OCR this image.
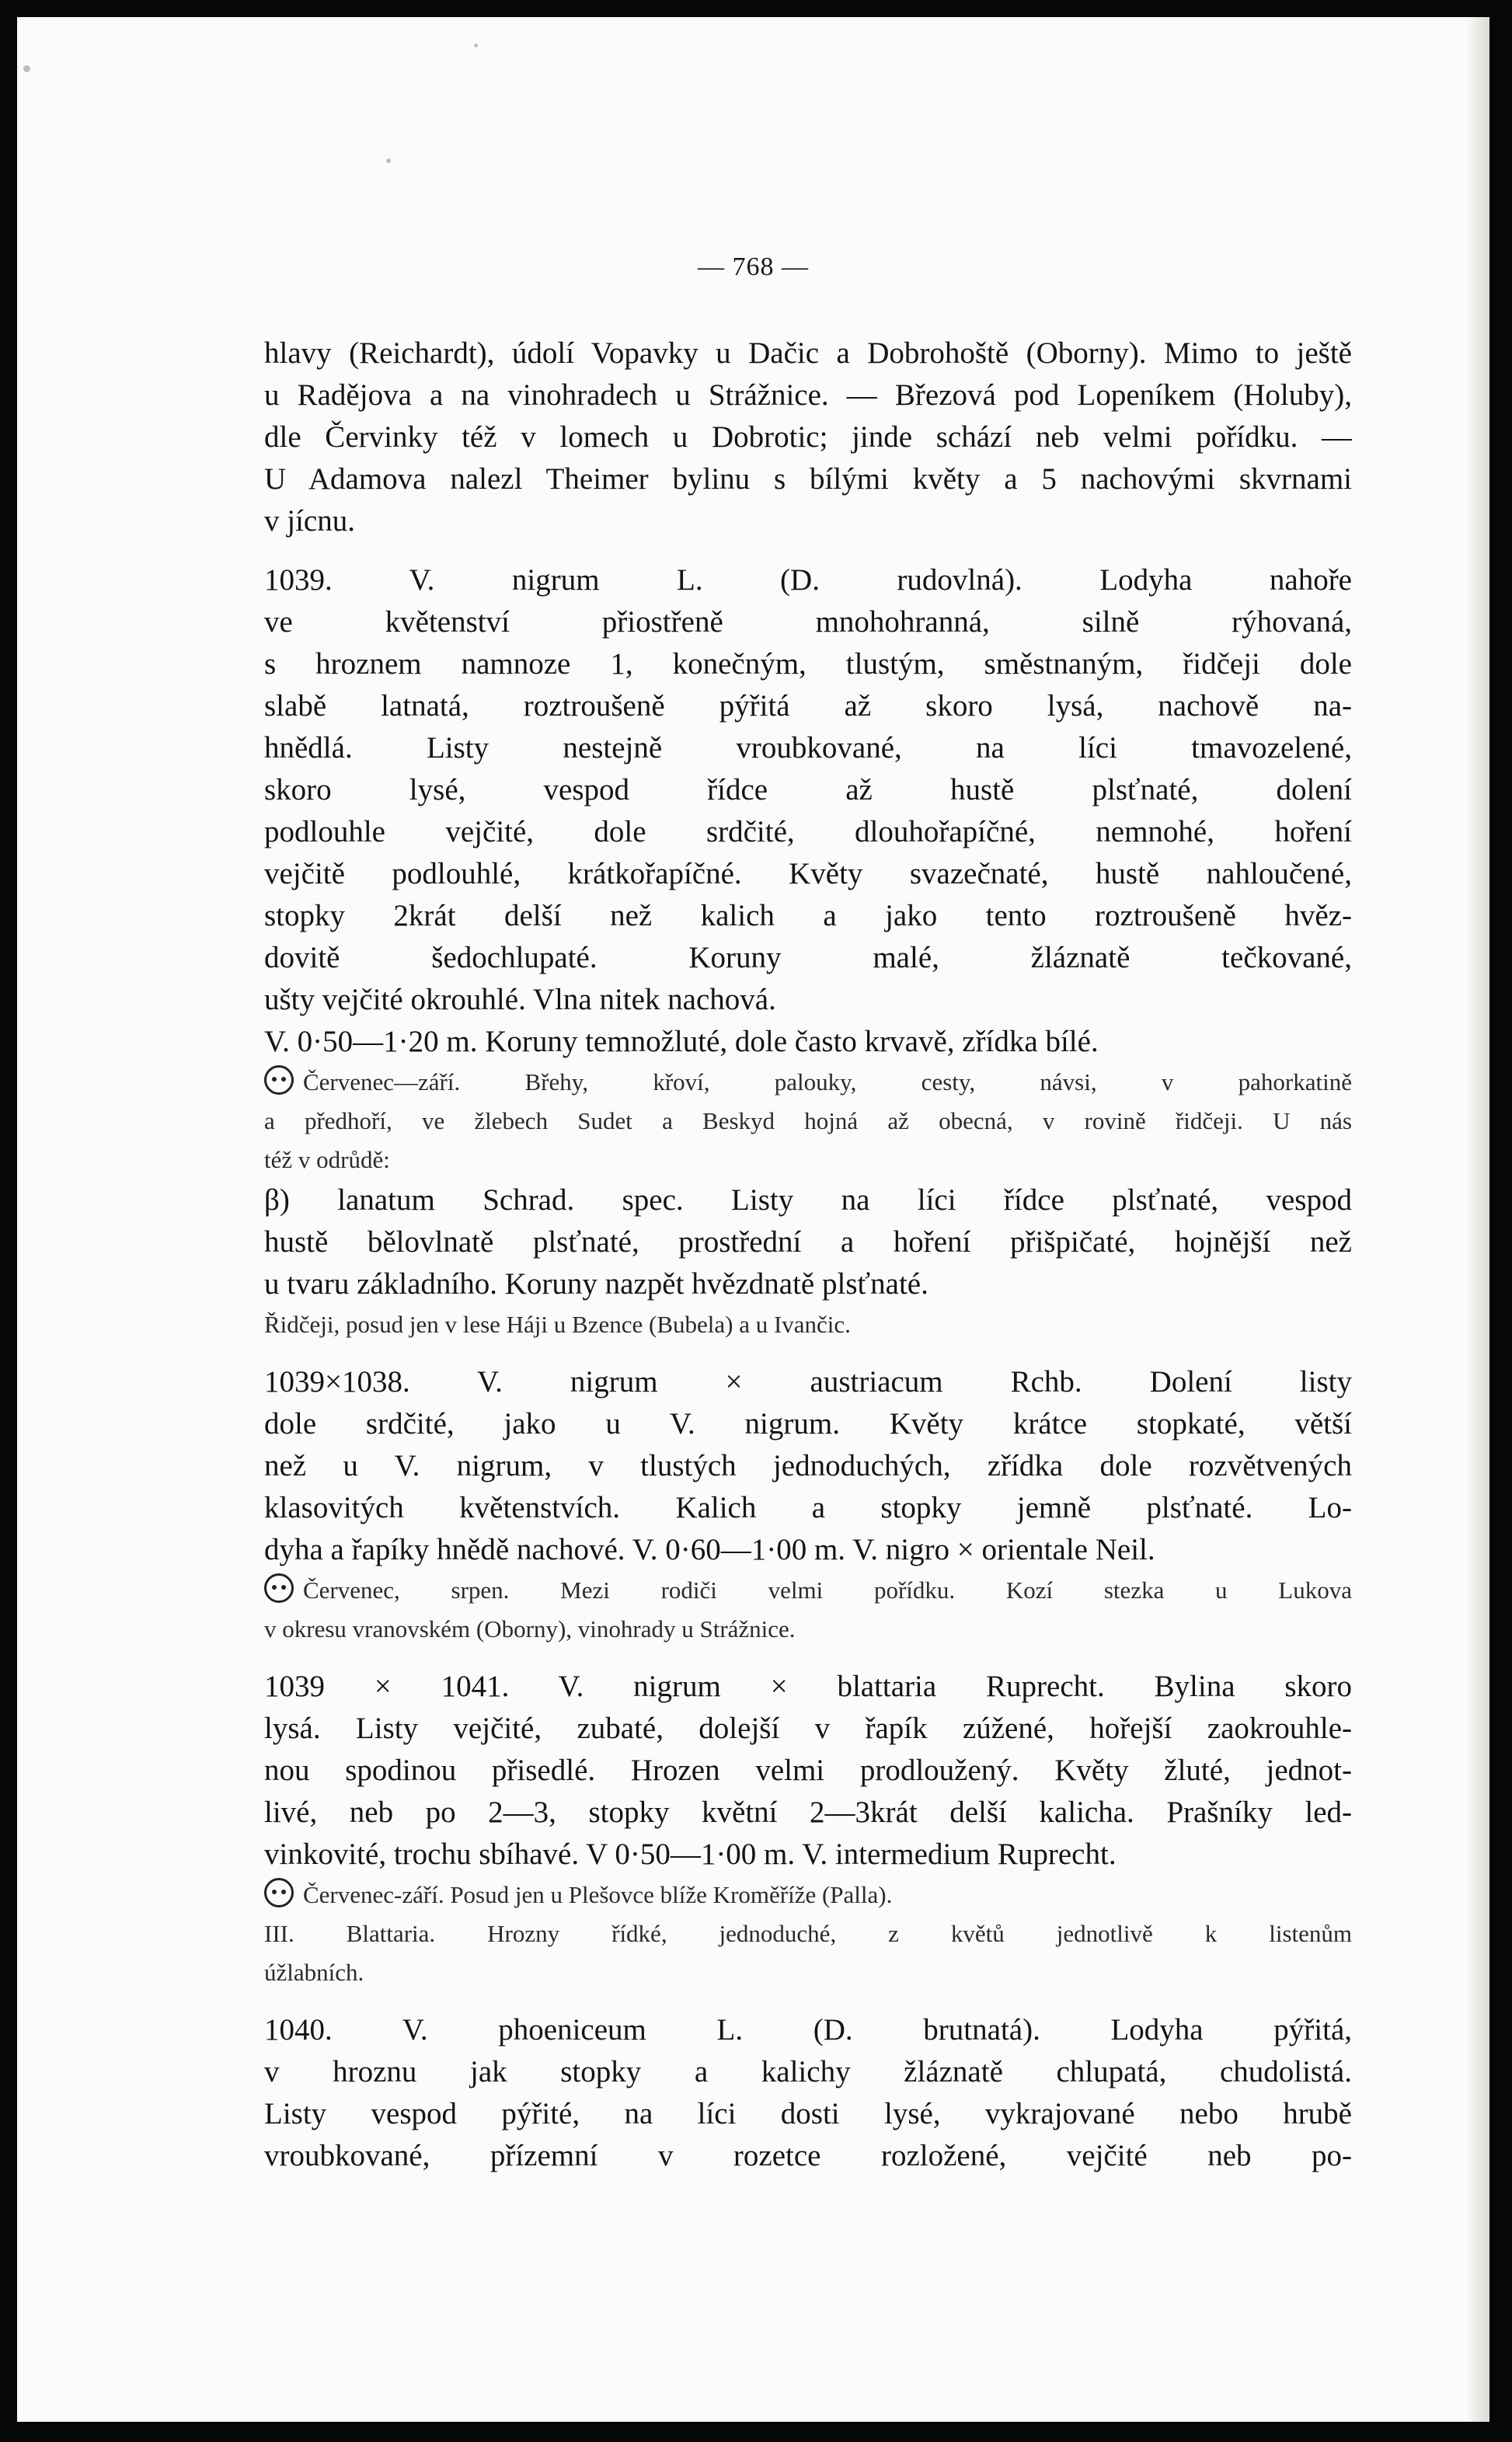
— 768 —
hlavy (Reichardt), údolí Vopavky u Dačic a Dobrohoště (Oborny). Mimo to ještě
u Radějova a na vinohradech u Strážnice. — Březová pod Lopeníkem (Holuby),
dle Červinky též v lomech u Dobrotic; jinde schází neb velmi pořídku. —
U Adamova nalezl Theimer bylinu s bílými květy a 5 nachovými skvrnami
v jícnu.
1039. V. nigrum L. (D. rudovlná). Lodyha nahoře
ve květenství přiostřeně mnohohranná, silně rýhovaná,
s hroznem namnoze 1, konečným, tlustým, směstnaným, řidčeji dole
slabě latnatá, roztroušeně pýřitá až skoro lysá, nachově na-
hnědlá. Listy nestejně vroubkované, na líci tmavozelené,
skoro lysé, vespod řídce až hustě plsťnaté, dolení
podlouhle vejčité, dole srdčité, dlouhořapíčné, nemnohé, hoření
vejčitě podlouhlé, krátkořapíčné. Květy svazečnaté, hustě nahloučené,
stopky 2krát delší než kalich a jako tento roztroušeně hvěz-
dovitě šedochlupaté. Koruny malé, žláznatě tečkované,
ušty vejčité okrouhlé. Vlna nitek nachová.
V. 0·50—1·20 m. Koruny temnožluté, dole často krvavě, zřídka bílé.
Červenec—září. Břehy, křoví, palouky, cesty, návsi, v pahorkatině
a předhoří, ve žlebech Sudet a Beskyd hojná až obecná, v rovině řidčeji. U nás
též v odrůdě:
β) lanatum Schrad. spec. Listy na líci řídce plsťnaté, vespod
hustě bělovlnatě plsťnaté, prostřední a hoření přišpičaté, hojnější než
u tvaru základního. Koruny nazpět hvězdnatě plsťnaté.
Řidčeji, posud jen v lese Háji u Bzence (Bubela) a u Ivančic.
1039×1038. V. nigrum × austriacum Rchb. Dolení listy
dole srdčité, jako u V. nigrum. Květy krátce stopkaté, větší
než u V. nigrum, v tlustých jednoduchých, zřídka dole rozvětvených
klasovitých květenstvích. Kalich a stopky jemně plsťnaté. Lo-
dyha a řapíky hnědě nachové. V. 0·60—1·00 m. V. nigro × orientale Neil.
Červenec, srpen. Mezi rodiči velmi pořídku. Kozí stezka u Lukova
v okresu vranovském (Oborny), vinohrady u Strážnice.
1039 × 1041. V. nigrum × blattaria Ruprecht. Bylina skoro
lysá. Listy vejčité, zubaté, dolejší v řapík zúžené, hořejší zaokrouhle-
nou spodinou přisedlé. Hrozen velmi prodloužený. Květy žluté, jednot-
livé, neb po 2—3, stopky květní 2—3krát delší kalicha. Prašníky led-
vinkovité, trochu sbíhavé. V 0·50—1·00 m. V. intermedium Ruprecht.
Červenec-září. Posud jen u Plešovce blíže Kroměříže (Palla).
III. Blattaria. Hrozny řídké, jednoduché, z květů jednotlivě k listenům
úžlabních.
1040. V. phoeniceum L. (D. brutnatá). Lodyha pýřitá,
v hroznu jak stopky a kalichy žláznatě chlupatá, chudolistá.
Listy vespod pýřité, na líci dosti lysé, vykrajované nebo hrubě
vroubkované, přízemní v rozetce rozložené, vejčité neb po-
